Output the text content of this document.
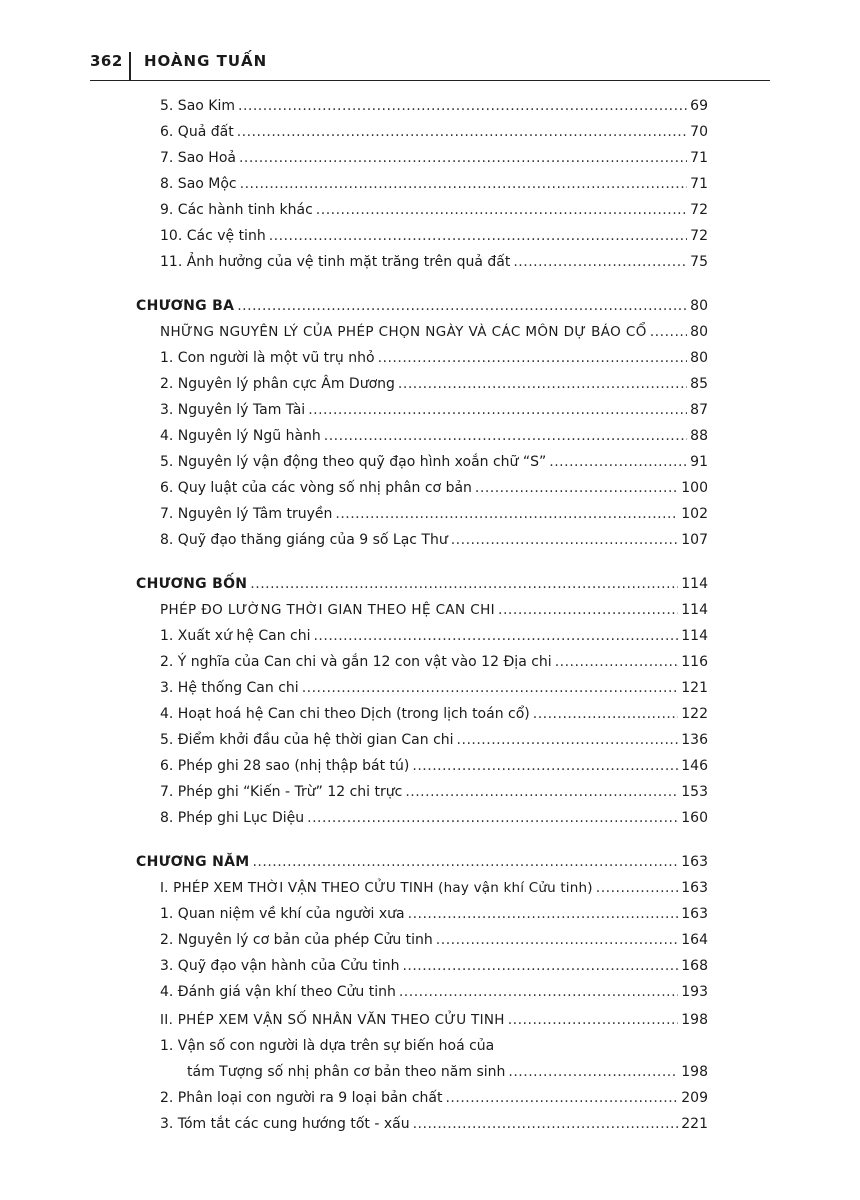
362 HOÀNG TUẤN
5. Sao Kim .....	69
6. Quả đất .....	70
7. Sao Hoả .....	71
8. Sao Mộc .....	71
9. Các hành tinh khác .....	72
10. Các vệ tinh .....	72
11. Ảnh hưởng của vệ tinh mặt trăng trên quả đất .....	75
CHƯƠNG BA .....	80
NHỮNG NGUYÊN LÝ CỦA PHÉP CHỌN NGÀY VÀ CÁC MÔN DỰ BÁO CỔ .....	80
1. Con người là một vũ trụ nhỏ .....	80
2. Nguyên lý phân cực Âm Dương .....	85
3. Nguyên lý Tam Tài .....	87
4. Nguyên lý Ngũ hành .....	88
5. Nguyên lý vận động theo quỹ đạo hình xoắn chữ “S” .....	91
6. Quy luật của các vòng số nhị phân cơ bản .....	100
7. Nguyên lý Tâm truyền .....	102
8. Quỹ đạo thăng giáng của 9 số Lạc Thư .....	107
CHƯƠNG BỐN .....	114
PHÉP ĐO LƯỜNG THỜI GIAN THEO HỆ CAN CHI .....	114
1. Xuất xứ hệ Can chi .....	114
2. Ý nghĩa của Can chi và gắn 12 con vật vào 12 Địa chi .....	116
3. Hệ thống Can chi .....	121
4. Hoạt hoá hệ Can chi theo Dịch (trong lịch toán cổ) .....	122
5. Điểm khởi đầu của hệ thời gian Can chi .....	136
6. Phép ghi 28 sao (nhị thập bát tú) .....	146
7. Phép ghi “Kiến - Trừ” 12 chi trực .....	153
8. Phép ghi Lục Diệu .....	160
CHƯƠNG NĂM .....	163
I. PHÉP XEM THỜI VẬN THEO CỬU TINH (hay vận khí Cửu tinh) .....	163
1. Quan niệm về khí của người xưa .....	163
2. Nguyên lý cơ bản của phép Cửu tinh .....	164
3. Quỹ đạo vận hành của Cửu tinh .....	168
4. Đánh giá vận khí theo Cửu tinh .....	193
II. PHÉP XEM VẬN SỐ NHÂN VĂN THEO CỬU TINH .....	198
1. Vận số con người là dựa trên sự biến hoá của
tám Tượng số nhị phân cơ bản theo năm sinh .....	198
2. Phân loại con người ra 9 loại bản chất .....	209
3. Tóm tắt các cung hướng tốt - xấu .....	221
